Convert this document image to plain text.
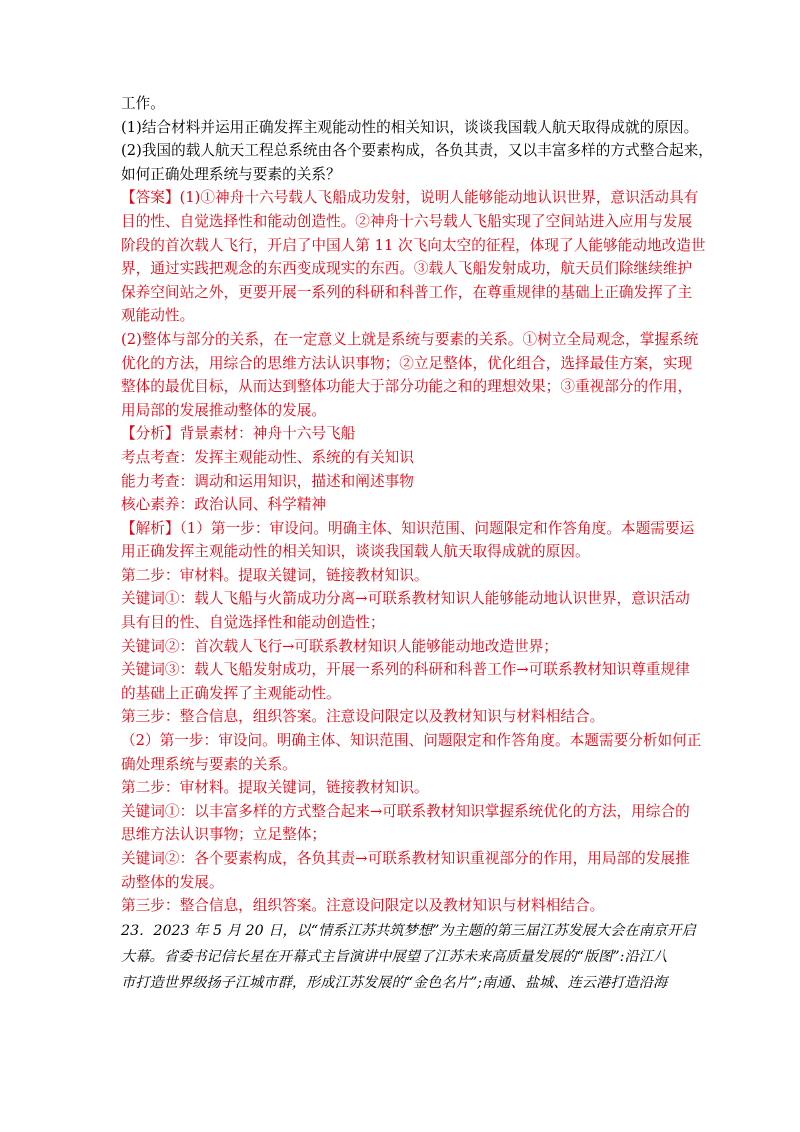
工作。
(1)结合材料并运用正确发挥主观能动性的相关知识，谈谈我国载人航天取得成就的原因。
(2)我国的载人航天工程总系统由各个要素构成，各负其责，又以丰富多样的方式整合起来，
如何正确处理系统与要素的关系？
【答案】(1)①神舟十六号载人飞船成功发射，说明人能够能动地认识世界，意识活动具有
目的性、自觉选择性和能动创造性。②神舟十六号载人飞船实现了空间站进入应用与发展
阶段的首次载人飞行，开启了中国人第 11 次飞向太空的征程，体现了人能够能动地改造世
界，通过实践把观念的东西变成现实的东西。③载人飞船发射成功，航天员们除继续维护
保养空间站之外，更要开展一系列的科研和科普工作，在尊重规律的基础上正确发挥了主
观能动性。
(2)整体与部分的关系，在一定意义上就是系统与要素的关系。①树立全局观念，掌握系统
优化的方法，用综合的思维方法认识事物；②立足整体，优化组合，选择最佳方案，实现
整体的最优目标，从而达到整体功能大于部分功能之和的理想效果；③重视部分的作用，
用局部的发展推动整体的发展。
【分析】背景素材：神舟十六号飞船
考点考查：发挥主观能动性、系统的有关知识
能力考查：调动和运用知识，描述和阐述事物
核心素养：政治认同、科学精神
【解析】（1）第一步：审设问。明确主体、知识范围、问题限定和作答角度。本题需要运
用正确发挥主观能动性的相关知识，谈谈我国载人航天取得成就的原因。
第二步：审材料。提取关键词，链接教材知识。
关键词①：载人飞船与火箭成功分离→可联系教材知识人能够能动地认识世界，意识活动
具有目的性、自觉选择性和能动创造性；
关键词②：首次载人飞行→可联系教材知识人能够能动地改造世界；
关键词③：载人飞船发射成功，开展一系列的科研和科普工作→可联系教材知识尊重规律
的基础上正确发挥了主观能动性。
第三步：整合信息，组织答案。注意设问限定以及教材知识与材料相结合。
（2）第一步：审设问。明确主体、知识范围、问题限定和作答角度。本题需要分析如何正
确处理系统与要素的关系。
第二步：审材料。提取关键词，链接教材知识。
关键词①：以丰富多样的方式整合起来→可联系教材知识掌握系统优化的方法，用综合的
思维方法认识事物；立足整体；
关键词②：各个要素构成，各负其责→可联系教材知识重视部分的作用，用局部的发展推
动整体的发展。
第三步：整合信息，组织答案。注意设问限定以及教材知识与材料相结合。
23．2023 年 5 月 20 日，以“情系江苏共筑梦想”为主题的第三届江苏发展大会在南京开启
大幕。省委书记信长星在开幕式主旨演讲中展望了江苏未来高质量发展的“版图”:沿江八
市打造世界级扬子江城市群，形成江苏发展的“金色名片”;南通、盐城、连云港打造沿海
